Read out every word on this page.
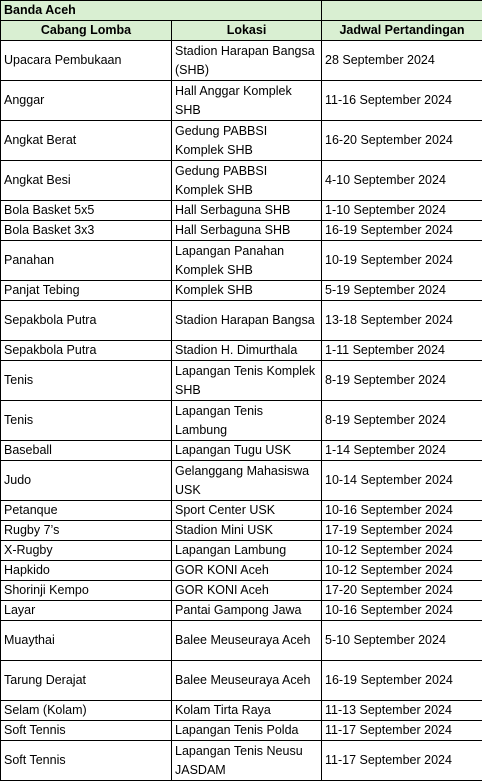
Banda Aceh		
Cabang Lomba	Lokasi	Jadwal Pertandingan
Upacara Pembukaan	Stadion Harapan Bangsa (SHB)	28 September 2024
Anggar	Hall Anggar Komplek SHB	11-16 September 2024
Angkat Berat	Gedung PABBSI Komplek SHB	16-20 September 2024
Angkat Besi	Gedung PABBSI Komplek SHB	4-10 September 2024
Bola Basket 5x5	Hall Serbaguna SHB	1-10 September 2024
Bola Basket 3x3	Hall Serbaguna SHB	16-19 September 2024
Panahan	Lapangan Panahan Komplek SHB	10-19 September 2024
Panjat Tebing	Komplek SHB	5-19 September 2024
Sepakbola Putra	Stadion Harapan Bangsa	13-18 September 2024
Sepakbola Putra	Stadion H. Dimurthala	1-11 September 2024
Tenis	Lapangan Tenis Komplek SHB	8-19 September 2024
Tenis	Lapangan Tenis Lambung	8-19 September 2024
Baseball	Lapangan Tugu USK	1-14 September 2024
Judo	Gelanggang Mahasiswa USK	10-14 September 2024
Petanque	Sport Center USK	10-16 September 2024
Rugby 7’s	Stadion Mini USK	17-19 September 2024
X-Rugby	Lapangan Lambung	10-12 September 2024
Hapkido	GOR KONI Aceh	10-12 September 2024
Shorinji Kempo	GOR KONI Aceh	17-20 September 2024
Layar	Pantai Gampong Jawa	10-16 September 2024
Muaythai	Balee Meuseuraya Aceh	5-10 September 2024
Tarung Derajat	Balee Meuseuraya Aceh	16-19 September 2024
Selam (Kolam)	Kolam Tirta Raya	11-13 September 2024
Soft Tennis	Lapangan Tenis Polda	11-17 September 2024
Soft Tennis	Lapangan Tenis Neusu JASDAM	11-17 September 2024
